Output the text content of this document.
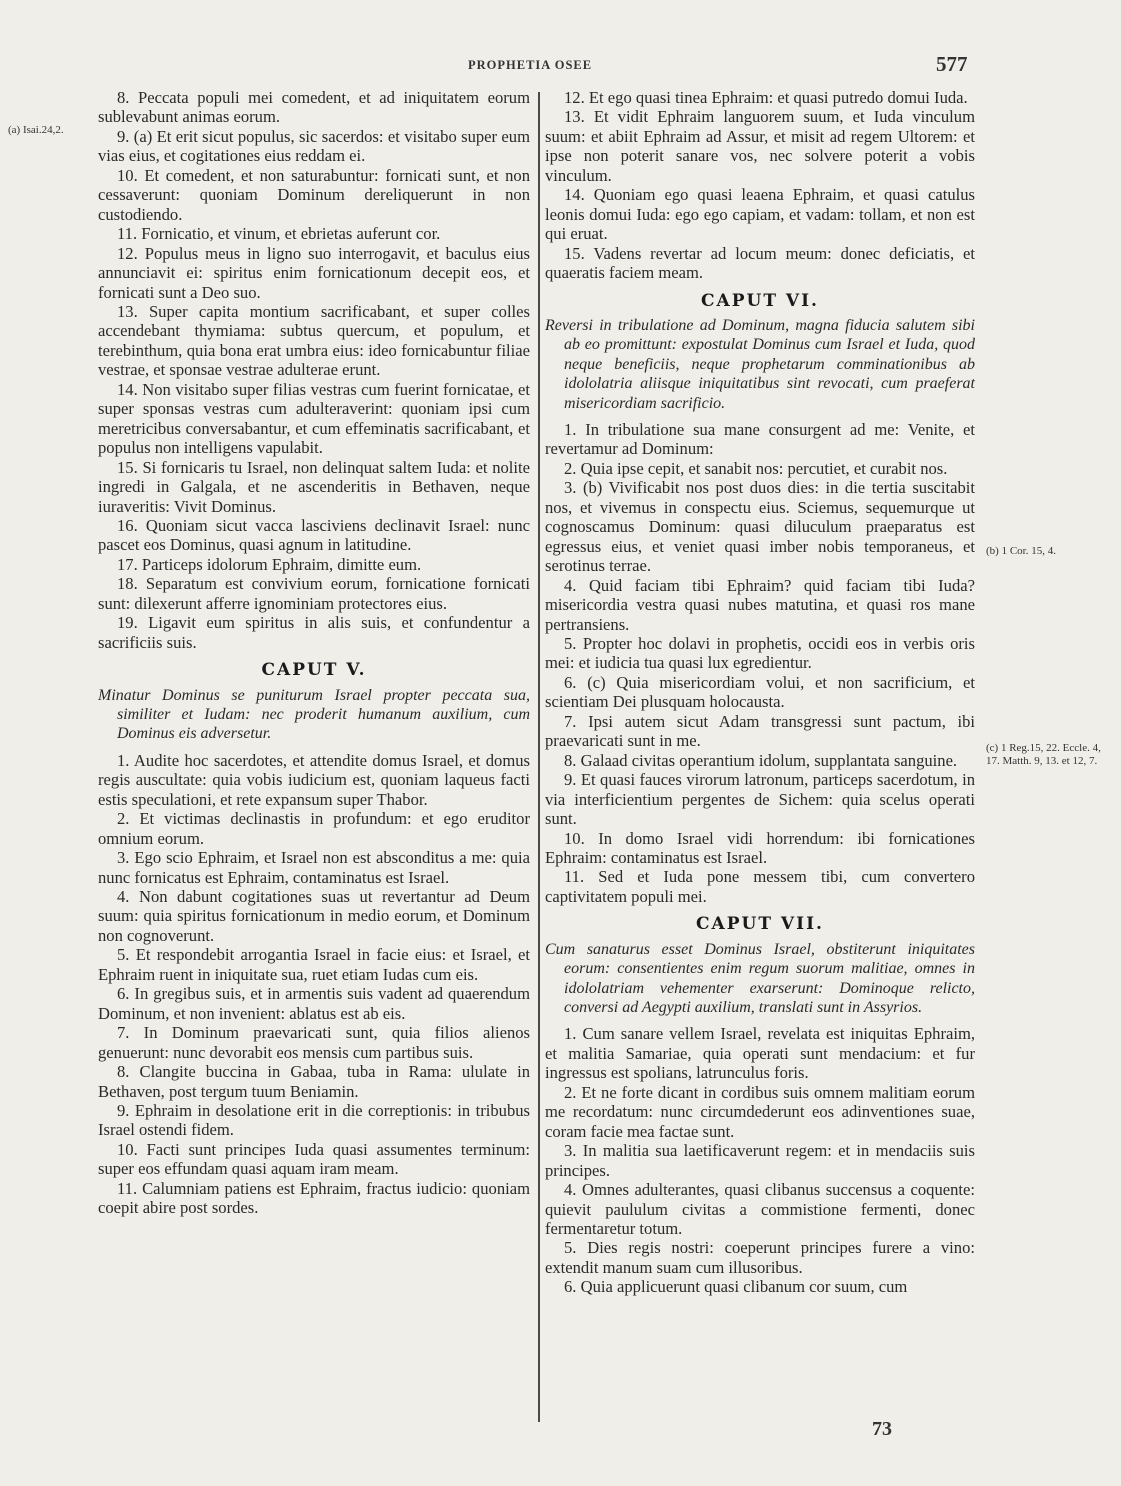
PROPHETIA OSEE	577
(a) Isai.24,2.
(b) 1 Cor. 15, 4.
(c) 1 Reg.15, 22. Eccle. 4, 17. Matth. 9, 13. et 12, 7.

8. Peccata populi mei comedent, et ad iniquitatem eorum sublevabunt animas eorum.

9. (a) Et erit sicut populus, sic sacerdos: et visitabo super eum vias eius, et cogitationes eius reddam ei.

10. Et comedent, et non saturabuntur: fornicati sunt, et non cessaverunt: quoniam Dominum dereliquerunt in non custodiendo.

11. Fornicatio, et vinum, et ebrietas auferunt cor.

12. Populus meus in ligno suo interrogavit, et baculus eius annunciavit ei: spiritus enim fornicationum decepit eos, et fornicati sunt a Deo suo.

13. Super capita montium sacrificabant, et super colles accendebant thymiama: subtus quercum, et populum, et terebinthum, quia bona erat umbra eius: ideo fornicabuntur filiae vestrae, et sponsae vestrae adulterae erunt.

14. Non visitabo super filias vestras cum fuerint fornicatae, et super sponsas vestras cum adulteraverint: quoniam ipsi cum meretricibus conversabantur, et cum effeminatis sacrificabant, et populus non intelligens vapulabit.

15. Si fornicaris tu Israel, non delinquat saltem Iuda: et nolite ingredi in Galgala, et ne ascenderitis in Bethaven, neque iuraveritis: Vivit Dominus.

16. Quoniam sicut vacca lasciviens declinavit Israel: nunc pascet eos Dominus, quasi agnum in latitudine.

17. Particeps idolorum Ephraim, dimitte eum.

18. Separatum est convivium eorum, fornicatione fornicati sunt: dilexerunt afferre ignominiam protectores eius.

19. Ligavit eum spiritus in alis suis, et confundentur a sacrificiis suis.

CAPUT V.

Minatur Dominus se puniturum Israel propter peccata sua, similiter et Iudam: nec proderit humanum auxilium, cum Dominus eis adversetur.

1. Audite hoc sacerdotes, et attendite domus Israel, et domus regis auscultate: quia vobis iudicium est, quoniam laqueus facti estis speculationi, et rete expansum super Thabor.

2. Et victimas declinastis in profundum: et ego eruditor omnium eorum.

3. Ego scio Ephraim, et Israel non est absconditus a me: quia nunc fornicatus est Ephraim, contaminatus est Israel.

4. Non dabunt cogitationes suas ut revertantur ad Deum suum: quia spiritus fornicationum in medio eorum, et Dominum non cognoverunt.

5. Et respondebit arrogantia Israel in facie eius: et Israel, et Ephraim ruent in iniquitate sua, ruet etiam Iudas cum eis.

6. In gregibus suis, et in armentis suis vadent ad quaerendum Dominum, et non invenient: ablatus est ab eis.

7. In Dominum praevaricati sunt, quia filios alienos genuerunt: nunc devorabit eos mensis cum partibus suis.

8. Clangite buccina in Gabaa, tuba in Rama: ululate in Bethaven, post tergum tuum Beniamin.

9. Ephraim in desolatione erit in die correptionis: in tribubus Israel ostendi fidem.

10. Facti sunt principes Iuda quasi assumentes terminum: super eos effundam quasi aquam iram meam.

11. Calumniam patiens est Ephraim, fractus iudicio: quoniam coepit abire post sordes.

12. Et ego quasi tinea Ephraim: et quasi putredo domui Iuda.

13. Et vidit Ephraim languorem suum, et Iuda vinculum suum: et abiit Ephraim ad Assur, et misit ad regem Ultorem: et ipse non poterit sanare vos, nec solvere poterit a vobis vinculum.

14. Quoniam ego quasi leaena Ephraim, et quasi catulus leonis domui Iuda: ego ego capiam, et vadam: tollam, et non est qui eruat.

15. Vadens revertar ad locum meum: donec deficiatis, et quaeratis faciem meam.

CAPUT VI.

Reversi in tribulatione ad Dominum, magna fiducia salutem sibi ab eo promittunt: expostulat Dominus cum Israel et Iuda, quod neque beneficiis, neque prophetarum comminationibus ab idololatria aliisque iniquitatibus sint revocati, cum praeferat misericordiam sacrificio.

1. In tribulatione sua mane consurgent ad me: Venite, et revertamur ad Dominum:

2. Quia ipse cepit, et sanabit nos: percutiet, et curabit nos.

3. (b) Vivificabit nos post duos dies: in die tertia suscitabit nos, et vivemus in conspectu eius. Sciemus, sequemurque ut cognoscamus Dominum: quasi diluculum praeparatus est egressus eius, et veniet quasi imber nobis temporaneus, et serotinus terrae.

4. Quid faciam tibi Ephraim? quid faciam tibi Iuda? misericordia vestra quasi nubes matutina, et quasi ros mane pertransiens.

5. Propter hoc dolavi in prophetis, occidi eos in verbis oris mei: et iudicia tua quasi lux egredientur.

6. (c) Quia misericordiam volui, et non sacrificium, et scientiam Dei plusquam holocausta.

7. Ipsi autem sicut Adam transgressi sunt pactum, ibi praevaricati sunt in me.

8. Galaad civitas operantium idolum, supplantata sanguine.

9. Et quasi fauces virorum latronum, particeps sacerdotum, in via interficientium pergentes de Sichem: quia scelus operati sunt.

10. In domo Israel vidi horrendum: ibi fornicationes Ephraim: contaminatus est Israel.

11. Sed et Iuda pone messem tibi, cum convertero captivitatem populi mei.

CAPUT VII.

Cum sanaturus esset Dominus Israel, obstiterunt iniquitates eorum: consentientes enim regum suorum malitiae, omnes in idololatriam vehementer exarserunt: Dominoque relicto, conversi ad Aegypti auxilium, translati sunt in Assyrios.

1. Cum sanare vellem Israel, revelata est iniquitas Ephraim, et malitia Samariae, quia operati sunt mendacium: et fur ingressus est spolians, latrunculus foris.

2. Et ne forte dicant in cordibus suis omnem malitiam eorum me recordatum: nunc circumdederunt eos adinventiones suae, coram facie mea factae sunt.

3. In malitia sua laetificaverunt regem: et in mendaciis suis principes.

4. Omnes adulterantes, quasi clibanus succensus a coquente: quievit paululum civitas a commistione fermenti, donec fermentaretur totum.

5. Dies regis nostri: coeperunt principes furere a vino: extendit manum suam cum illusoribus.

6. Quia applicuerunt quasi clibanum cor suum, cum

73
